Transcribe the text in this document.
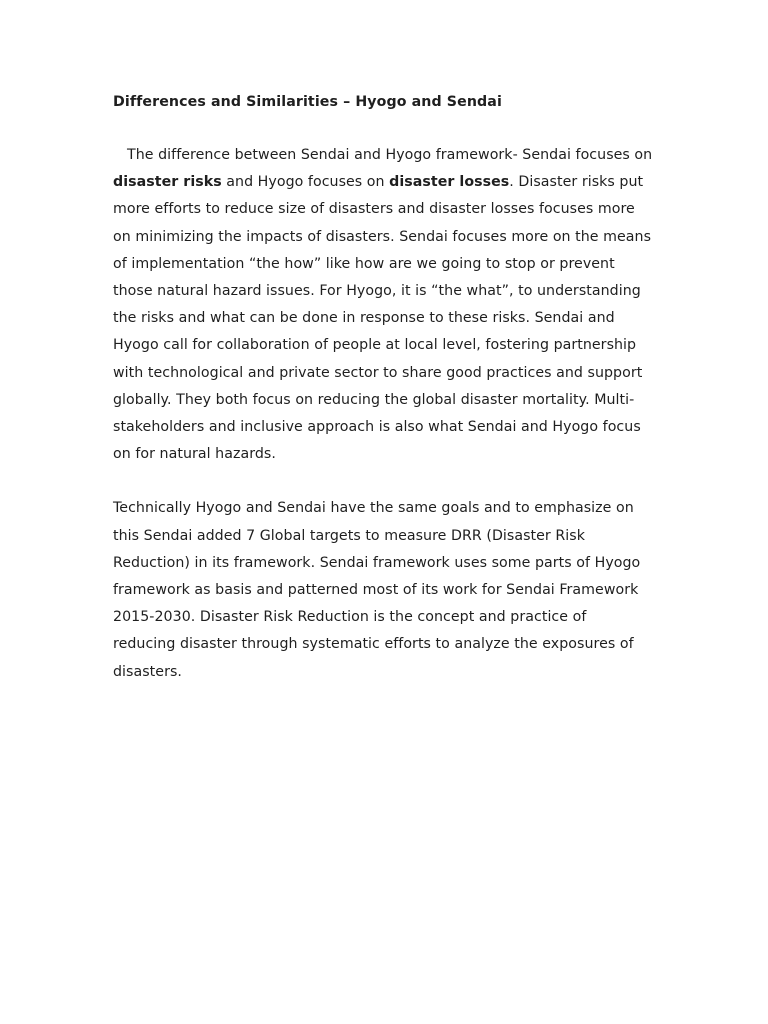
Differences and Similarities – Hyogo and Sendai

The difference between Sendai and Hyogo framework- Sendai focuses on disaster risks and Hyogo focuses on disaster losses. Disaster risks put more efforts to reduce size of disasters and disaster losses focuses more on minimizing the impacts of disasters. Sendai focuses more on the means of implementation “the how” like how are we going to stop or prevent those natural hazard issues. For Hyogo, it is “the what”, to understanding the risks and what can be done in response to these risks. Sendai and Hyogo call for collaboration of people at local level, fostering partnership with technological and private sector to share good practices and support globally. They both focus on reducing the global disaster mortality. Multi-stakeholders and inclusive approach is also what Sendai and Hyogo focus on for natural hazards.

Technically Hyogo and Sendai have the same goals and to emphasize on this Sendai added 7 Global targets to measure DRR (Disaster Risk Reduction) in its framework. Sendai framework uses some parts of Hyogo framework as basis and patterned most of its work for Sendai Framework 2015-2030. Disaster Risk Reduction is the concept and practice of reducing disaster through systematic efforts to analyze the exposures of disasters.
